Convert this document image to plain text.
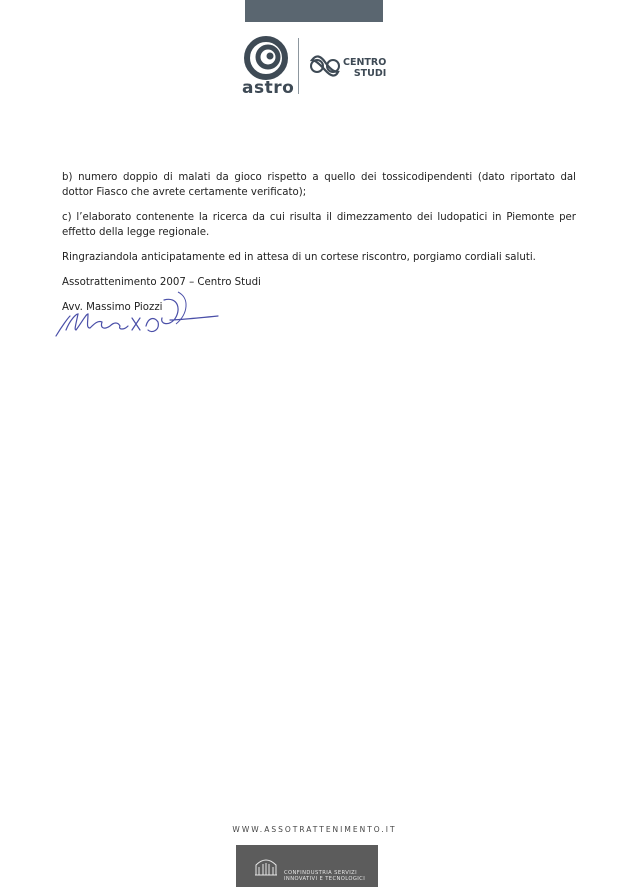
astro
CENTRO
STUDI

b) numero doppio di malati da gioco rispetto a quello dei tossicodipendenti (dato riportato dal dottor Fiasco che avrete certamente verificato);

c) l’elaborato contenente la ricerca da cui risulta il dimezzamento dei ludopatici in Piemonte per effetto della legge regionale.

Ringraziandola anticipatamente ed in attesa di un cortese riscontro, porgiamo cordiali saluti.

Assotrattenimento 2007 – Centro Studi

Avv. Massimo Piozzi

WWW.ASSOTRATTENIMENTO.IT
CONFINDUSTRIA SERVIZI
INNOVATIVI E TECNOLOGICI
